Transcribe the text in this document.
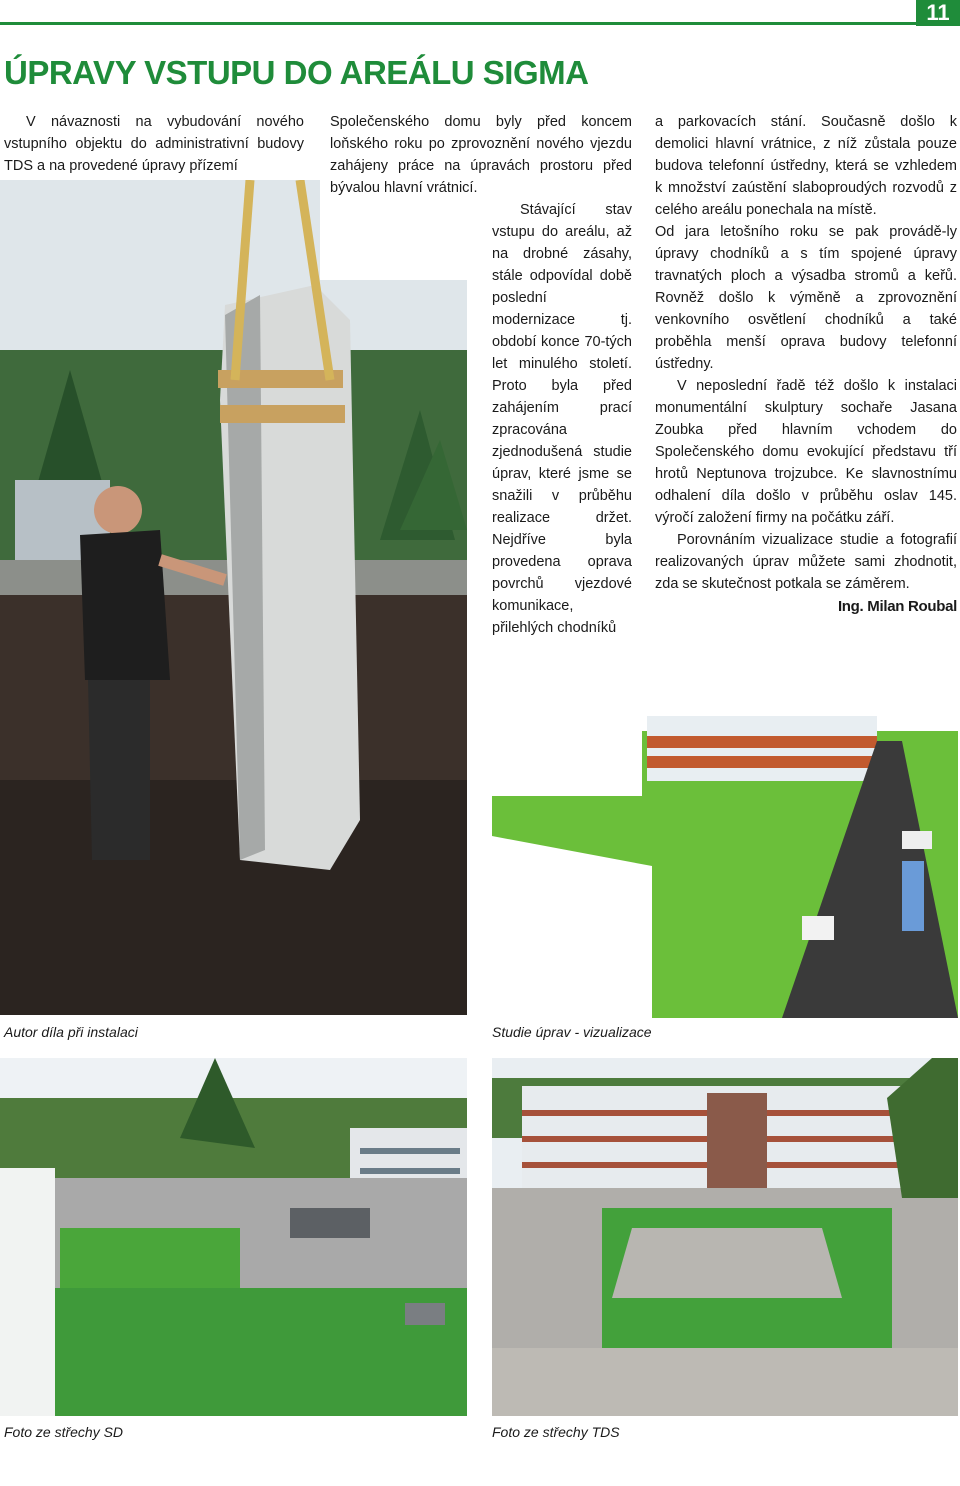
11
ÚPRAVY VSTUPU DO AREÁLU SIGMA

V návaznosti na vybudování nového vstupního objektu do administrativní budovy TDS a na provedené úpravy přízemí

Společenského domu byly před koncem loňského roku po zprovoznění nového vjezdu zahájeny práce na úpravách prostoru před bývalou hlavní vrátnicí.

Stávající stav vstupu do areálu, až na drobné zásahy, stále odpovídal době poslední modernizace tj. období konce 70-tých let minulého století. Proto byla před zahájením prací zpracována zjednodušená studie úprav, které jsme se snažili v průběhu realizace držet. Nejdříve byla provedena oprava povrchů vjezdové komunikace, přilehlých chodníků

a parkovacích stání. Současně došlo k demolici hlavní vrátnice, z níž zůstala pouze budova telefonní ústředny, která se vzhledem k množství zaústění slaboproudých rozvodů z celého areálu ponechala na místě.

Od jara letošního roku se pak provádě-ly úpravy chodníků a s tím spojené úpravy travnatých ploch a výsadba stromů a keřů. Rovněž došlo k výměně a zprovoznění venkovního osvětlení chodníků a také proběhla menší oprava budovy telefonní ústředny.

V neposlední řadě též došlo k instalaci monumentální skulptury sochaře Jasana Zoubka před hlavním vchodem do Společenského domu evokující představu tří hrotů Neptunova trojzubce. Ke slavnostnímu odhalení díla došlo v průběhu oslav 145. výročí založení firmy na počátku září.

Porovnáním vizualizace studie a fotografií realizovaných úprav můžete sami zhodnotit, zda se skutečnost potkala se záměrem.

Ing. Milan Roubal
Autor díla při instalaci	Studie úprav - vizualizace
Foto ze střechy SD	Foto ze střechy TDS
